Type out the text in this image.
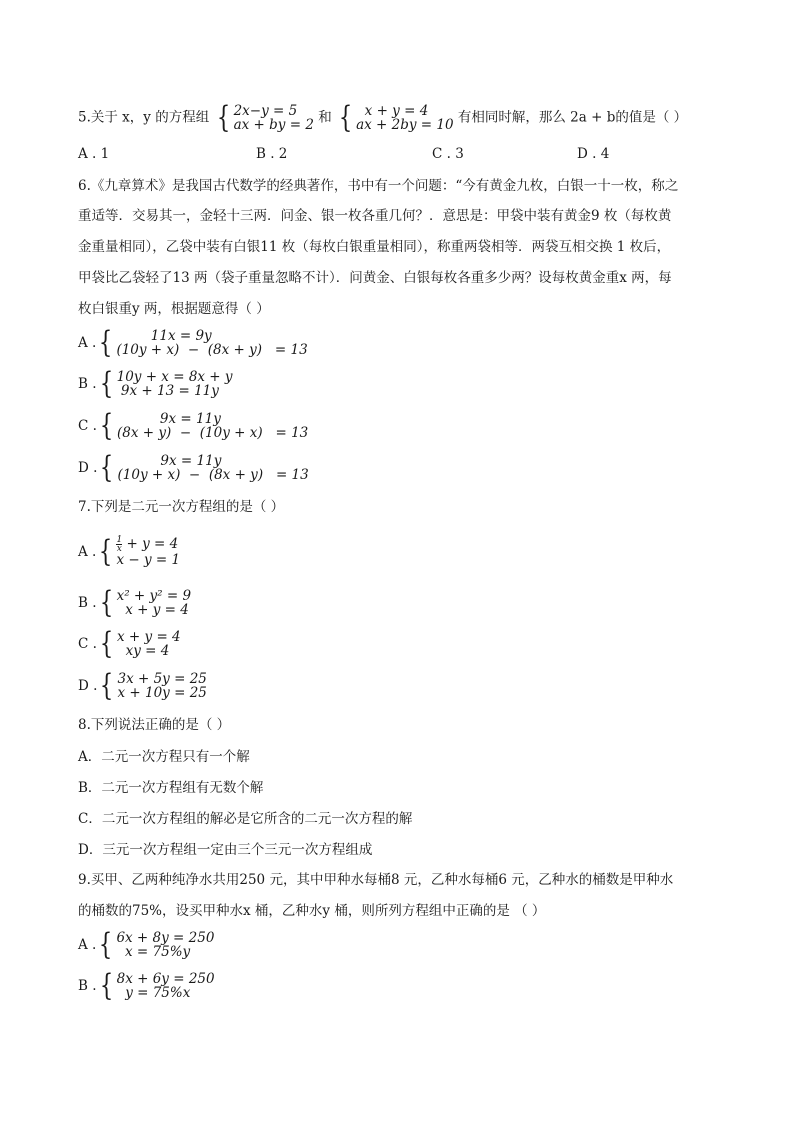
5.关于 x，y 的方程组 { 2x−y = 5
ax + by = 2 和 { x + y = 4
ax + 2by = 10 有相同时解，那么 2a + b的值是（ ）
A . 1	B . 2	C . 3	D . 4
6.《九章算术》是我国古代数学的经典著作，书中有一个问题：“今有黄金九枚，白银一十一枚，称之
重适等．交易其一，金轻十三两．问金、银一枚各重几何？．意思是：甲袋中装有黄金9 枚（每枚黄
金重量相同），乙袋中装有白银11 枚（每枚白银重量相同），称重两袋相等．两袋互相交换 1 枚后，
甲袋比乙袋轻了13 两（袋子重量忽略不计）．问黄金、白银每枚各重多少两？设每枚黄金重x 两，每
枚白银重y 两，根据题意得（ ）
A . { 11x = 9y
(10y + x)  −  (8x + y)   = 13
B . { 10y + x = 8x + y
9x + 13 = 11y
C . { 9x = 11y
(8x + y)  −  (10y + x)   = 13
D . { 9x = 11y
(10y + x)  −  (8x + y)   = 13
7.下列是二元一次方程组的是（ ）
A . { $\frac{1}{x} + y = 4$
x − y = 1
B . { x² + y² = 9
x + y = 4
C . { x + y = 4
xy = 4
D . { 3x + 5y = 25
x + 10y = 25
8.下列说法正确的是（ ）
A．二元一次方程只有一个解
B．二元一次方程组有无数个解
C．二元一次方程组的解必是它所含的二元一次方程的解
D．三元一次方程组一定由三个三元一次方程组成
9.买甲、乙两种纯净水共用250 元，其中甲种水每桶8 元，乙种水每桶6 元，乙种水的桶数是甲种水
的桶数的75%，设买甲种水x 桶，乙种水y 桶，则所列方程组中正确的是 （ ）
A . { 6x + 8y = 250
x = 75%y
B . { 8x + 6y = 250
y = 75%x
